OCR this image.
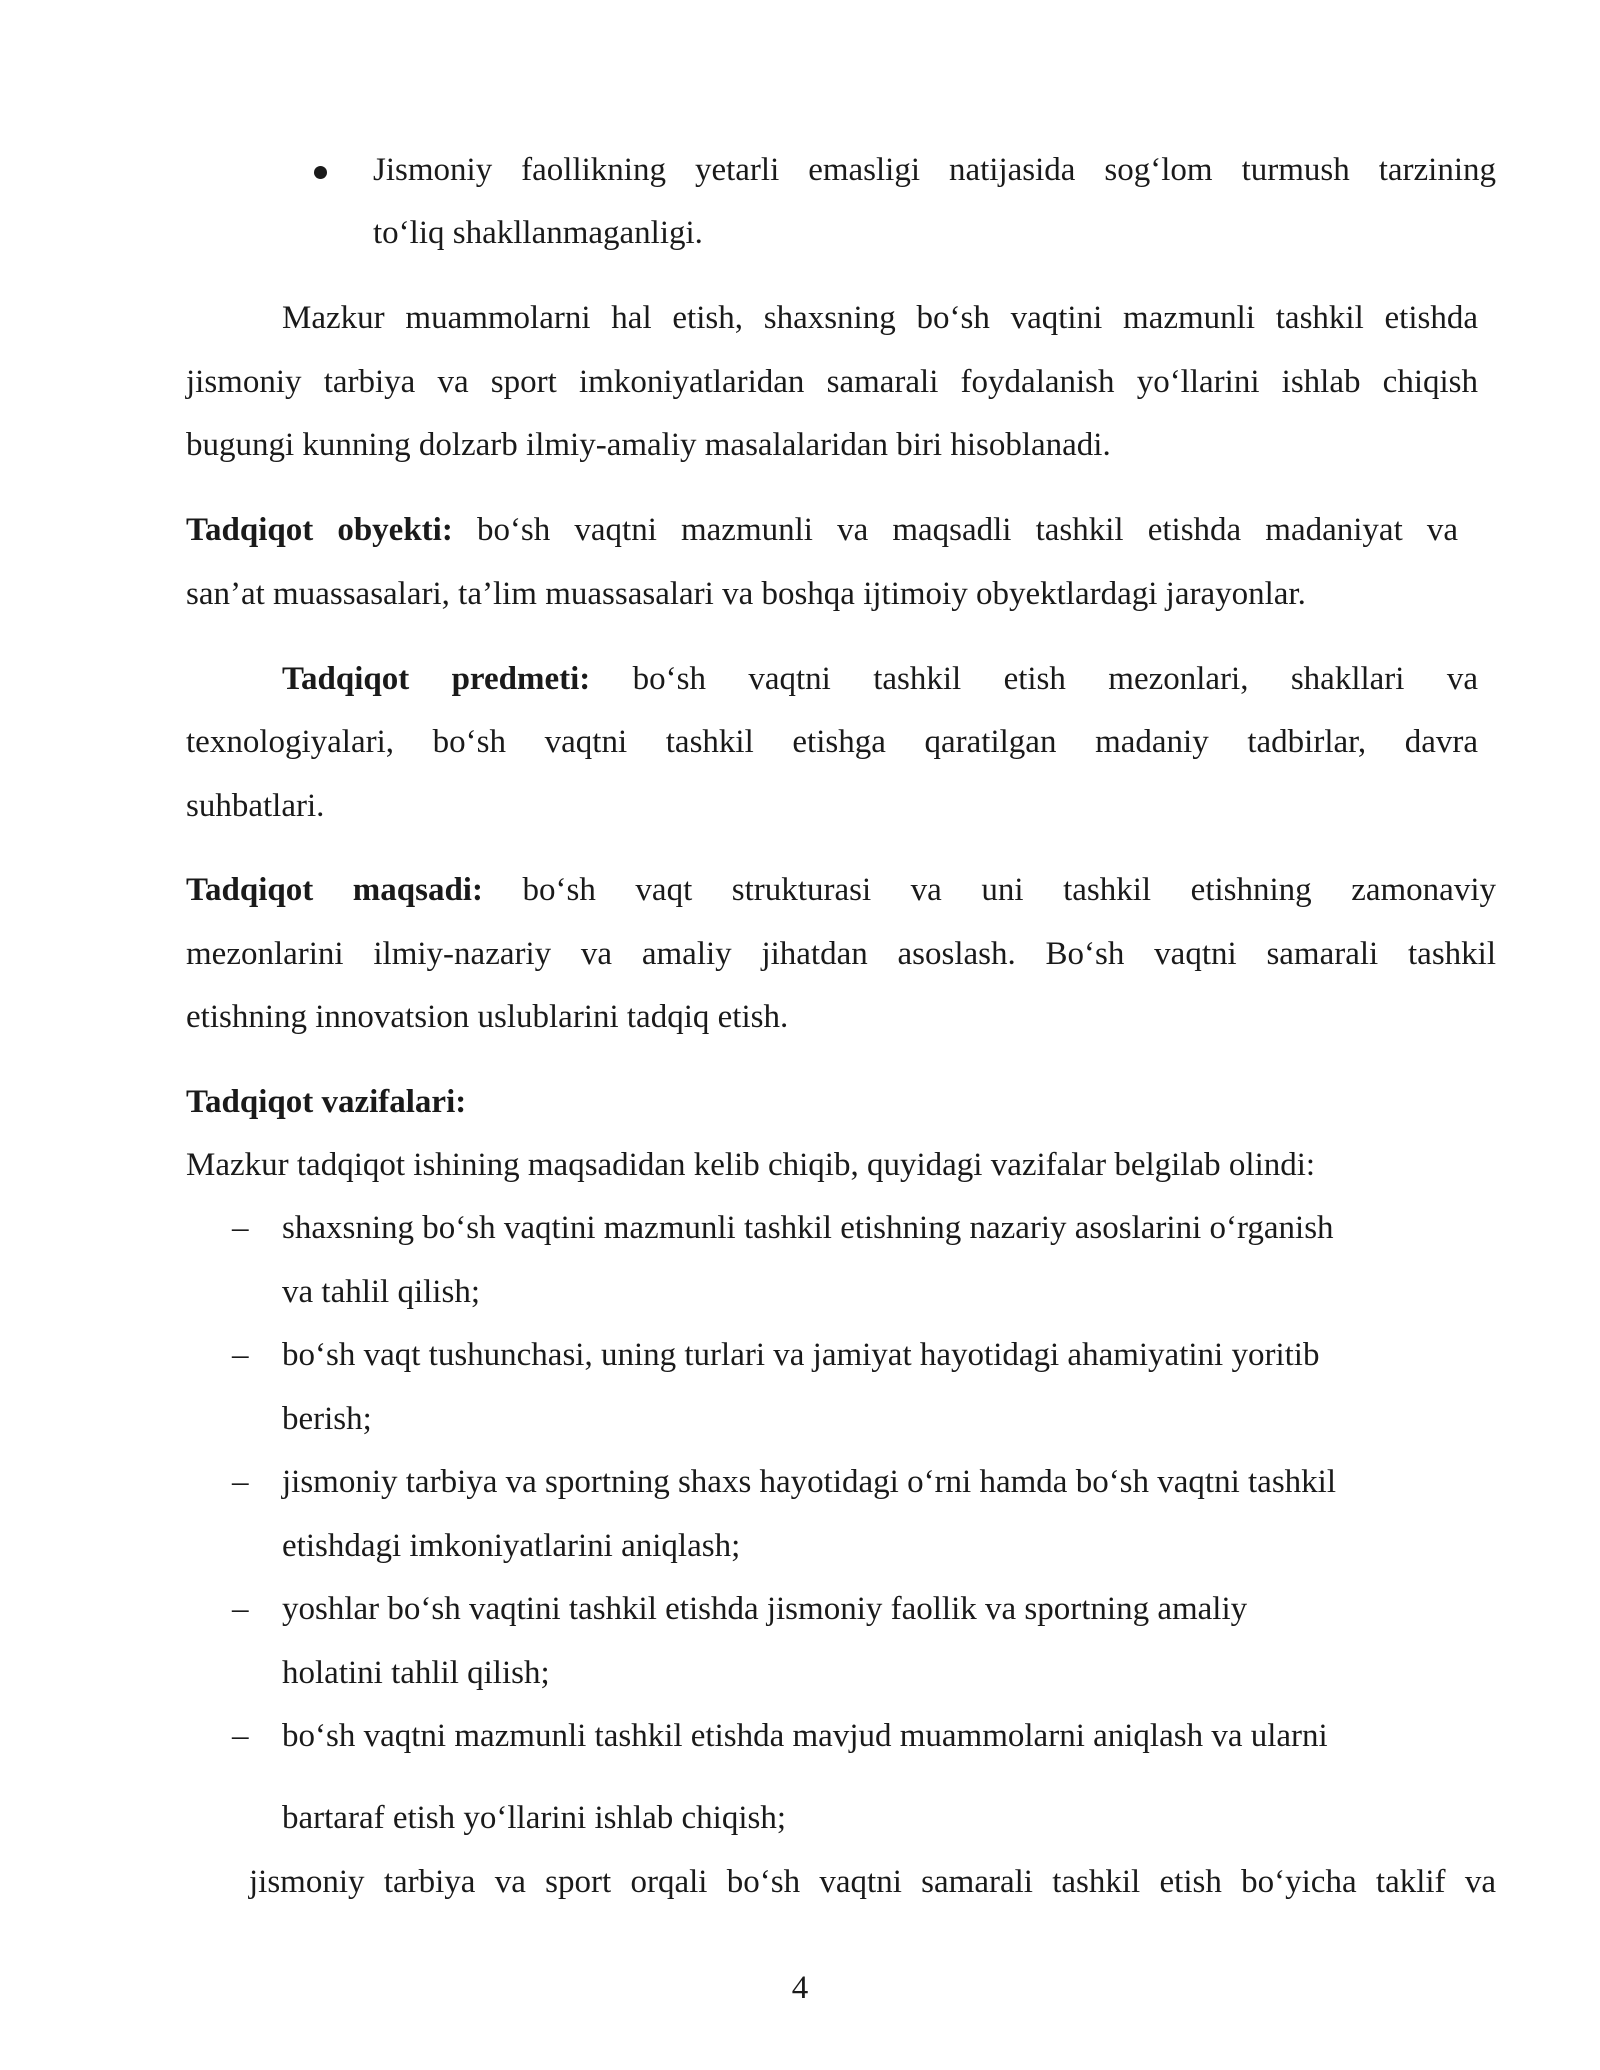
Jismoniy faollikning yetarli emasligi natijasida sog‘lom turmush tarzining
to‘liq shakllanmaganligi.
Mazkur muammolarni hal etish, shaxsning bo‘sh vaqtini mazmunli tashkil etishda
jismoniy tarbiya va sport imkoniyatlaridan samarali foydalanish yo‘llarini ishlab chiqish
bugungi kunning dolzarb ilmiy-amaliy masalalaridan biri hisoblanadi.
Tadqiqot obyekti: bo‘sh vaqtni mazmunli va maqsadli tashkil etishda madaniyat va
san’at muassasalari, ta’lim muassasalari va boshqa ijtimoiy obyektlardagi jarayonlar.
Tadqiqot predmeti: bo‘sh vaqtni tashkil etish mezonlari, shakllari va
texnologiyalari, bo‘sh vaqtni tashkil etishga qaratilgan madaniy tadbirlar, davra
suhbatlari.
Tadqiqot maqsadi: bo‘sh vaqt strukturasi va uni tashkil etishning zamonaviy
mezonlarini ilmiy-nazariy va amaliy jihatdan asoslash. Bo‘sh vaqtni samarali tashkil
etishning innovatsion uslublarini tadqiq etish.
Tadqiqot vazifalari:
Mazkur tadqiqot ishining maqsadidan kelib chiqib, quyidagi vazifalar belgilab olindi:
– shaxsning bo‘sh vaqtini mazmunli tashkil etishning nazariy asoslarini o‘rganish
va tahlil qilish;
– bo‘sh vaqt tushunchasi, uning turlari va jamiyat hayotidagi ahamiyatini yoritib
berish;
– jismoniy tarbiya va sportning shaxs hayotidagi o‘rni hamda bo‘sh vaqtni tashkil
etishdagi imkoniyatlarini aniqlash;
– yoshlar bo‘sh vaqtini tashkil etishda jismoniy faollik va sportning amaliy
holatini tahlil qilish;
– bo‘sh vaqtni mazmunli tashkil etishda mavjud muammolarni aniqlash va ularni
bartaraf etish yo‘llarini ishlab chiqish;
jismoniy tarbiya va sport orqali bo‘sh vaqtni samarali tashkil etish bo‘yicha taklif va
4
